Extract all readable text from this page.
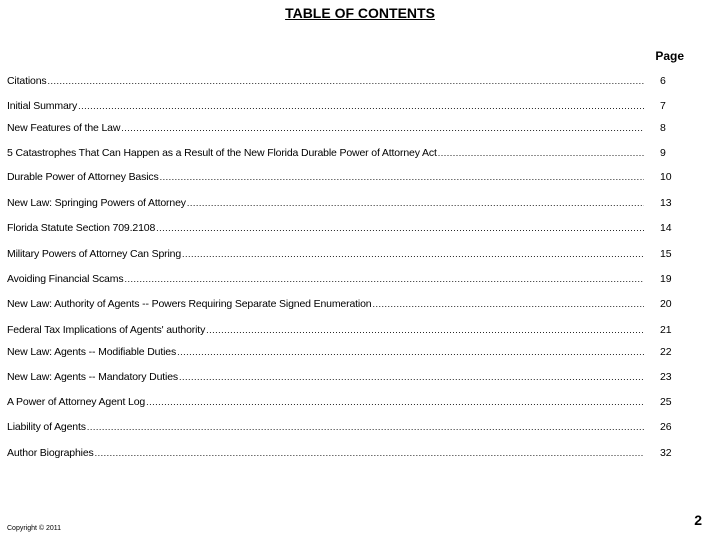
TABLE OF CONTENTS
Page
Citations .....	6
Initial Summary .....	7
New Features of the Law .....	8
5 Catastrophes That Can Happen as a Result of the New Florida Durable Power of Attorney Act .....	9
Durable Power of Attorney Basics .....	10
New Law: Springing Powers of Attorney .....	13
Florida Statute Section 709.2108 .....	14
Military Powers of Attorney Can Spring .....	15
Avoiding Financial Scams .....	19
New Law: Authority of Agents -- Powers Requiring Separate Signed Enumeration .....	20
Federal Tax Implications of Agents' authority .....	21
New Law: Agents -- Modifiable Duties .....	22
New Law: Agents -- Mandatory Duties .....	23
A Power of Attorney Agent Log .....	25
Liability of Agents .....	26
Author Biographies .....	32
Copyright © 2011
2
